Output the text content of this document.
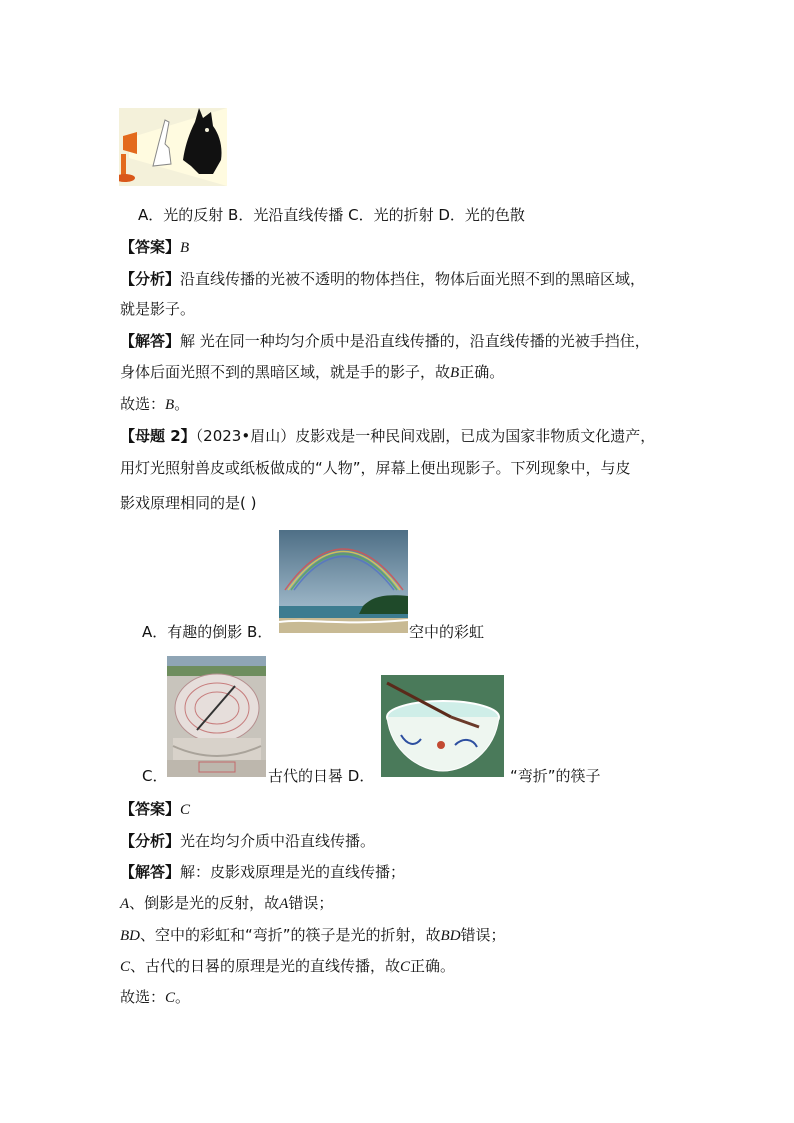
A．光的反射 B．光沿直线传播 C．光的折射 D．光的色散
【答案】B
【分析】沿直线传播的光被不透明的物体挡住，物体后面光照不到的黑暗区域，
就是影子。
【解答】解 光在同一种均匀介质中是沿直线传播的，沿直线传播的光被手挡住，
身体后面光照不到的黑暗区域，就是手的影子，故B正确。
故选：B。
【母题 2】（2023•眉山）皮影戏是一种民间戏剧，已成为国家非物质文化遗产，
用灯光照射兽皮或纸板做成的“人物”，屏幕上便出现影子。下列现象中，与皮
影戏原理相同的是( )
A．有趣的倒影 B．	空中的彩虹
C．	古代的日晷 D．	“弯折”的筷子
【答案】C
【分析】光在均匀介质中沿直线传播。
【解答】解：皮影戏原理是光的直线传播；
A、倒影是光的反射，故A错误；
BD、空中的彩虹和“弯折”的筷子是光的折射，故BD错误；
C、古代的日晷的原理是光的直线传播，故C正确。
故选：C。
